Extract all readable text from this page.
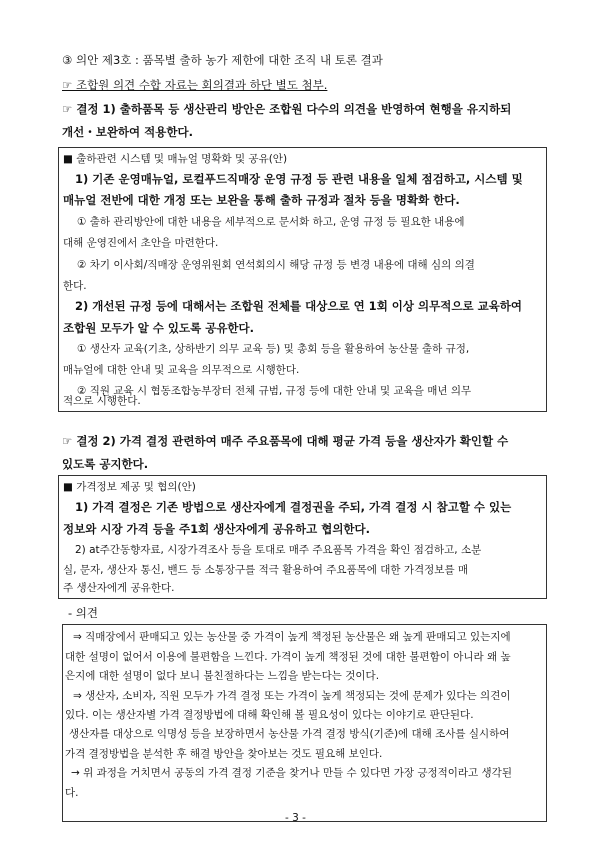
③ 의안 제3호 : 품목별 출하 농가 제한에 대한 조직 내 토론 결과
☞ 조합원 의견 수합 자료는 회의결과 하단 별도 첨부.
☞ 결정 1) 출하품목 등 생산관리 방안은 조합원 다수의 의견을 반영하여 현행을 유지하되
개선・보완하여 적용한다.
■ 출하관련 시스템 및 매뉴얼 명확화 및 공유(안)
1) 기존 운영매뉴얼, 로컬푸드직매장 운영 규정 등 관련 내용을 일체 점검하고, 시스템 및
매뉴얼 전반에 대한 개정 또는 보완을 통해 출하 규정과 절차 등을 명확화 한다.
① 출하 관리방안에 대한 내용을 세부적으로 문서화 하고, 운영 규정 등 필요한 내용에
대해 운영진에서 초안을 마련한다.
② 차기 이사회/직매장 운영위원회 연석회의시 해당 규정 등 변경 내용에 대해 심의 의결
한다.
2) 개선된 규정 등에 대해서는 조합원 전체를 대상으로 연 1회 이상 의무적으로 교육하여
조합원 모두가 알 수 있도록 공유한다.
① 생산자 교육(기초, 상하반기 의무 교육 등) 및 총회 등을 활용하여 농산물 출하 규정,
매뉴얼에 대한 안내 및 교육을 의무적으로 시행한다.
② 직원 교육 시 협동조합농부장터 전체 규범, 규정 등에 대한 안내 및 교육을 매년 의무
적으로 시행한다.
☞ 결정 2) 가격 결정 관련하여 매주 주요품목에 대해 평균 가격 등을 생산자가 확인할 수
있도록 공지한다.
■ 가격정보 제공 및 협의(안)
1) 가격 결정은 기존 방법으로 생산자에게 결정권을 주되, 가격 결정 시 참고할 수 있는
정보와 시장 가격 등을 주1회 생산자에게 공유하고 협의한다.
2) at주간동향자료, 시장가격조사 등을 토대로 매주 주요품목 가격을 확인 점검하고, 소분
실, 문자, 생산자 통신, 밴드 등 소통장구를 적극 활용하여 주요품목에 대한 가격정보를 매
주 생산자에게 공유한다.
- 의견
⇒ 직매장에서 판매되고 있는 농산물 중 가격이 높게 책정된 농산물은 왜 높게 판매되고 있는지에
대한 설명이 없어서 이용에 불편함을 느낀다. 가격이 높게 책정된 것에 대한 불편함이 아니라 왜 높
은지에 대한 설명이 없다 보니 불친절하다는 느낌을 받는다는 것이다.
⇒ 생산자, 소비자, 직원 모두가 가격 결정 또는 가격이 높게 책정되는 것에 문제가 있다는 의견이
있다. 이는 생산자별 가격 결정방법에 대해 확인해 볼 필요성이 있다는 이야기로 판단된다.
생산자를 대상으로 익명성 등을 보장하면서 농산물 가격 결정 방식(기준)에 대해 조사를 실시하여
가격 결정방법을 분석한 후 해결 방안을 찾아보는 것도 필요해 보인다.
→ 위 과정을 거치면서 공동의 가격 결정 기준을 찾거나 만들 수 있다면 가장 긍정적이라고 생각된
다.
- 3 -
